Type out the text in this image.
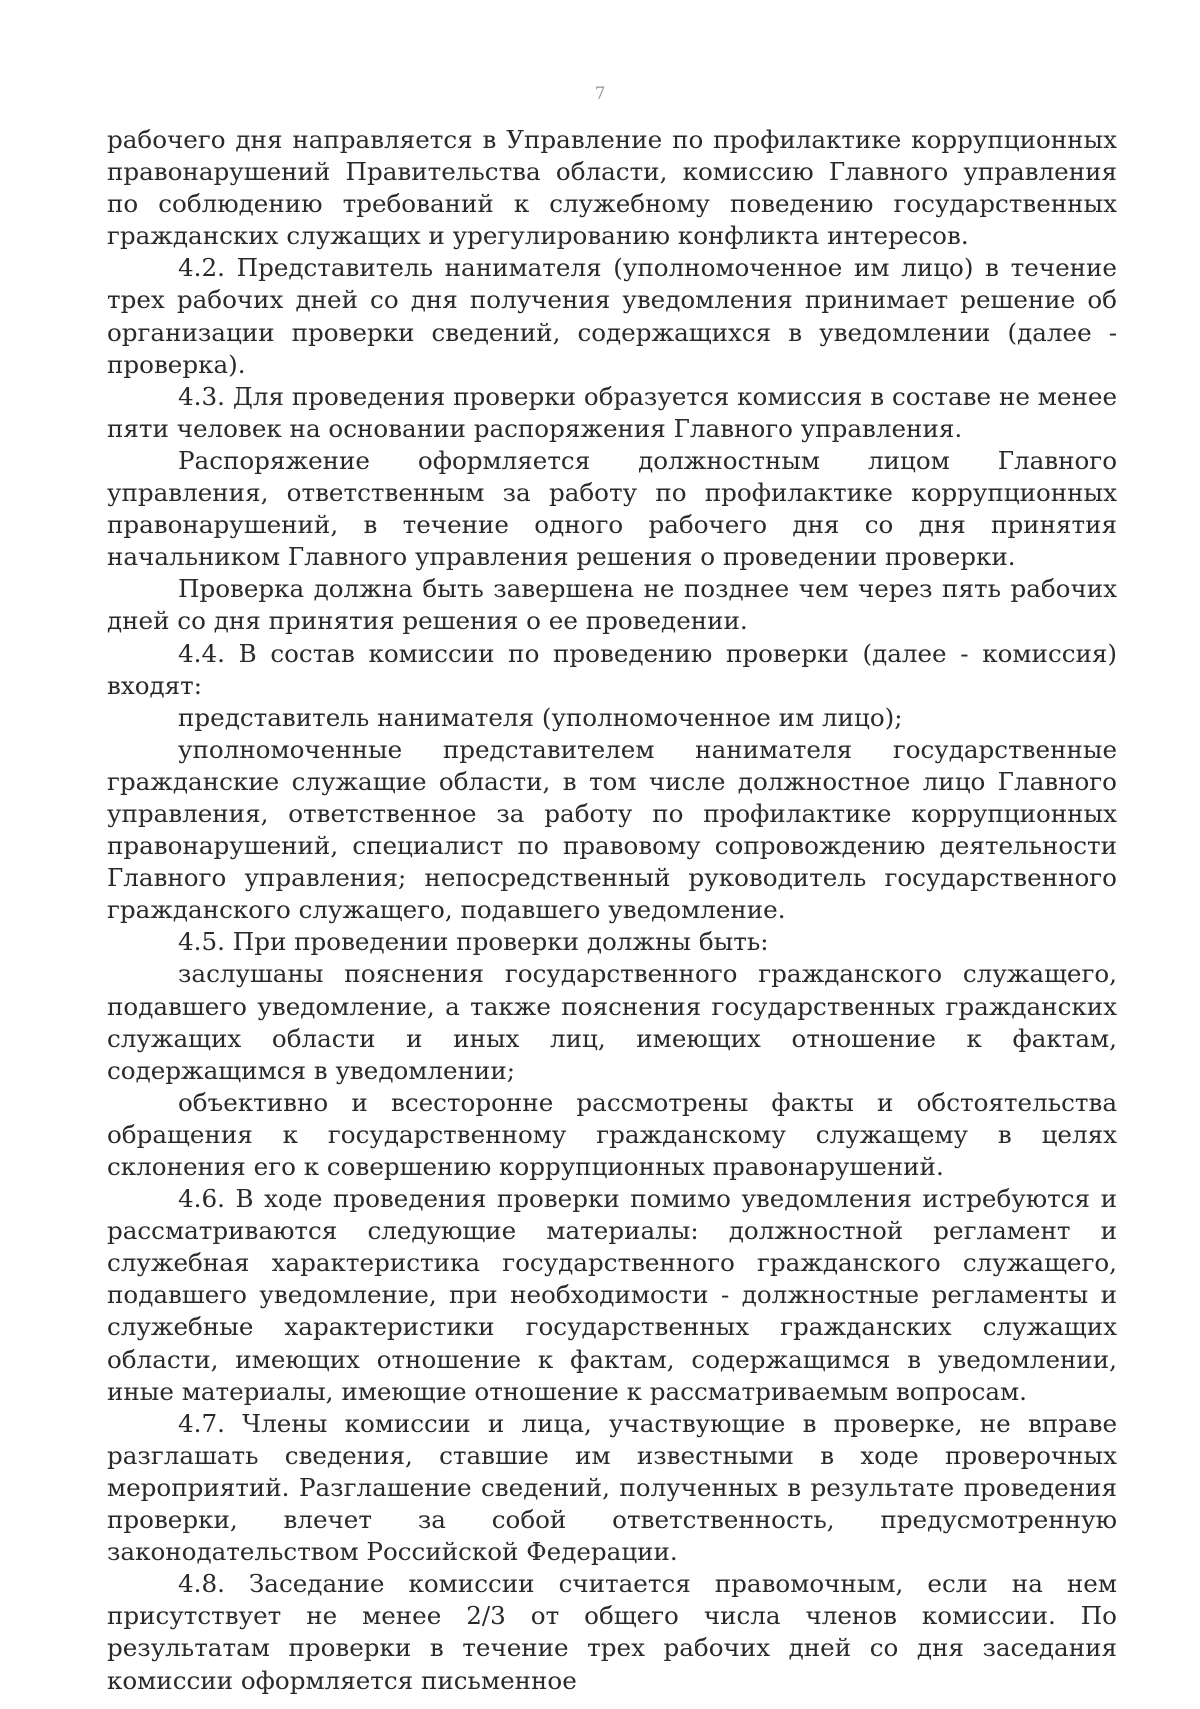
7

рабочего дня направляется в Управление по профилактике коррупционных правонарушений Правительства области, комиссию Главного управления по соблюдению требований к служебному поведению государственных гражданских служащих и урегулированию конфликта интересов.

4.2. Представитель нанимателя (уполномоченное им лицо) в течение трех рабочих дней со дня получения уведомления принимает решение об организации проверки сведений, содержащихся в уведомлении (далее - проверка).

4.3. Для проведения проверки образуется комиссия в составе не менее пяти человек на основании распоряжения Главного управления.

Распоряжение оформляется должностным лицом Главного управления, ответственным за работу по профилактике коррупционных правонарушений, в течение одного рабочего дня со дня принятия начальником Главного управления решения о проведении проверки.

Проверка должна быть завершена не позднее чем через пять рабочих дней со дня принятия решения о ее проведении.

4.4. В состав комиссии по проведению проверки (далее - комиссия) входят:

представитель нанимателя (уполномоченное им лицо);

уполномоченные представителем нанимателя государственные гражданские служащие области, в том числе должностное лицо Главного управления, ответственное за работу по профилактике коррупционных правонарушений, специалист по правовому сопровождению деятельности Главного управления; непосредственный руководитель государственного гражданского служащего, подавшего уведомление.

4.5. При проведении проверки должны быть:

заслушаны пояснения государственного гражданского служащего, подавшего уведомление, а также пояснения государственных гражданских служащих области и иных лиц, имеющих отношение к фактам, содержащимся в уведомлении;

объективно и всесторонне рассмотрены факты и обстоятельства обращения к государственному гражданскому служащему в целях склонения его к совершению коррупционных правонарушений.

4.6. В ходе проведения проверки помимо уведомления истребуются и рассматриваются следующие материалы: должностной регламент и служебная характеристика государственного гражданского служащего, подавшего уведомление, при необходимости - должностные регламенты и служебные характеристики государственных гражданских служащих области, имеющих отношение к фактам, содержащимся в уведомлении, иные материалы, имеющие отношение к рассматриваемым вопросам.

4.7. Члены комиссии и лица, участвующие в проверке, не вправе разглашать сведения, ставшие им известными в ходе проверочных мероприятий. Разглашение сведений, полученных в результате проведения проверки, влечет за собой ответственность, предусмотренную законодательством Российской Федерации.

4.8. Заседание комиссии считается правомочным, если на нем присутствует не менее 2/3 от общего числа членов комиссии. По результатам проверки в течение трех рабочих дней со дня заседания комиссии оформляется письменное
